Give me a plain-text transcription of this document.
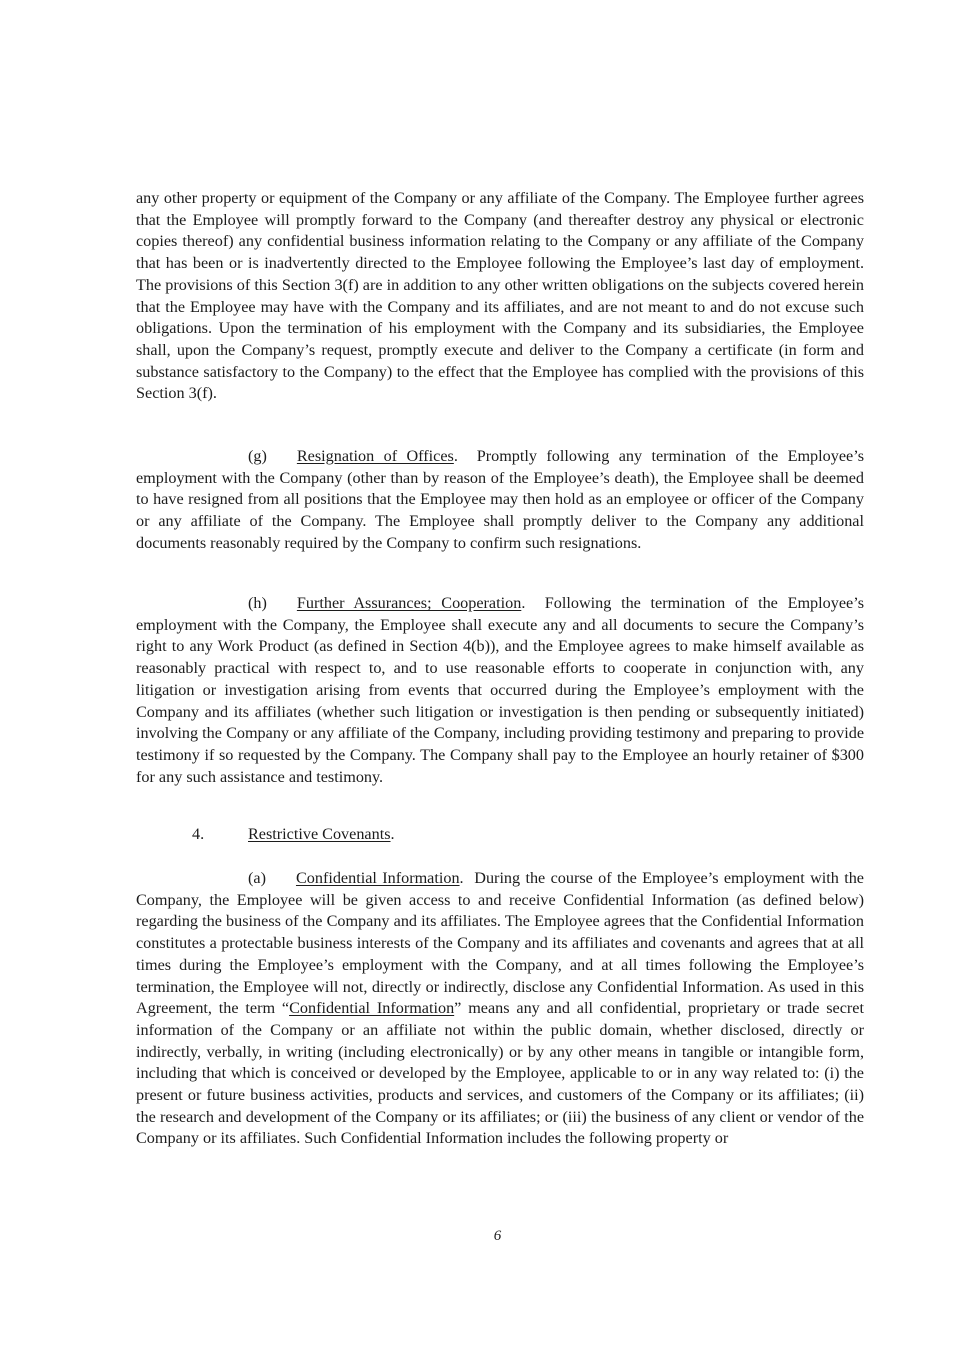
any other property or equipment of the Company or any affiliate of the Company. The Employee further agrees that the Employee will promptly forward to the Company (and thereafter destroy any physical or electronic copies thereof) any confidential business information relating to the Company or any affiliate of the Company that has been or is inadvertently directed to the Employee following the Employee’s last day of employment. The provisions of this Section 3(f) are in addition to any other written obligations on the subjects covered herein that the Employee may have with the Company and its affiliates, and are not meant to and do not excuse such obligations. Upon the termination of his employment with the Company and its subsidiaries, the Employee shall, upon the Company’s request, promptly execute and deliver to the Company a certificate (in form and substance satisfactory to the Company) to the effect that the Employee has complied with the provisions of this Section 3(f).
(g) Resignation of Offices.  Promptly following any termination of the Employee’s employment with the Company (other than by reason of the Employee’s death), the Employee shall be deemed to have resigned from all positions that the Employee may then hold as an employee or officer of the Company or any affiliate of the Company. The Employee shall promptly deliver to the Company any additional documents reasonably required by the Company to confirm such resignations.
(h) Further Assurances; Cooperation.  Following the termination of the Employee’s employment with the Company, the Employee shall execute any and all documents to secure the Company’s right to any Work Product (as defined in Section 4(b)), and the Employee agrees to make himself available as reasonably practical with respect to, and to use reasonable efforts to cooperate in conjunction with, any litigation or investigation arising from events that occurred during the Employee’s employment with the Company and its affiliates (whether such litigation or investigation is then pending or subsequently initiated) involving the Company or any affiliate of the Company, including providing testimony and preparing to provide testimony if so requested by the Company. The Company shall pay to the Employee an hourly retainer of $300 for any such assistance and testimony.
4.	Restrictive Covenants.
(a) Confidential Information.  During the course of the Employee’s employment with the Company, the Employee will be given access to and receive Confidential Information (as defined below) regarding the business of the Company and its affiliates. The Employee agrees that the Confidential Information constitutes a protectable business interests of the Company and its affiliates and covenants and agrees that at all times during the Employee’s employment with the Company, and at all times following the Employee’s termination, the Employee will not, directly or indirectly, disclose any Confidential Information. As used in this Agreement, the term “Confidential Information” means any and all confidential, proprietary or trade secret information of the Company or an affiliate not within the public domain, whether disclosed, directly or indirectly, verbally, in writing (including electronically) or by any other means in tangible or intangible form, including that which is conceived or developed by the Employee, applicable to or in any way related to: (i) the present or future business activities, products and services, and customers of the Company or its affiliates; (ii) the research and development of the Company or its affiliates; or (iii) the business of any client or vendor of the Company or its affiliates. Such Confidential Information includes the following property or
6
